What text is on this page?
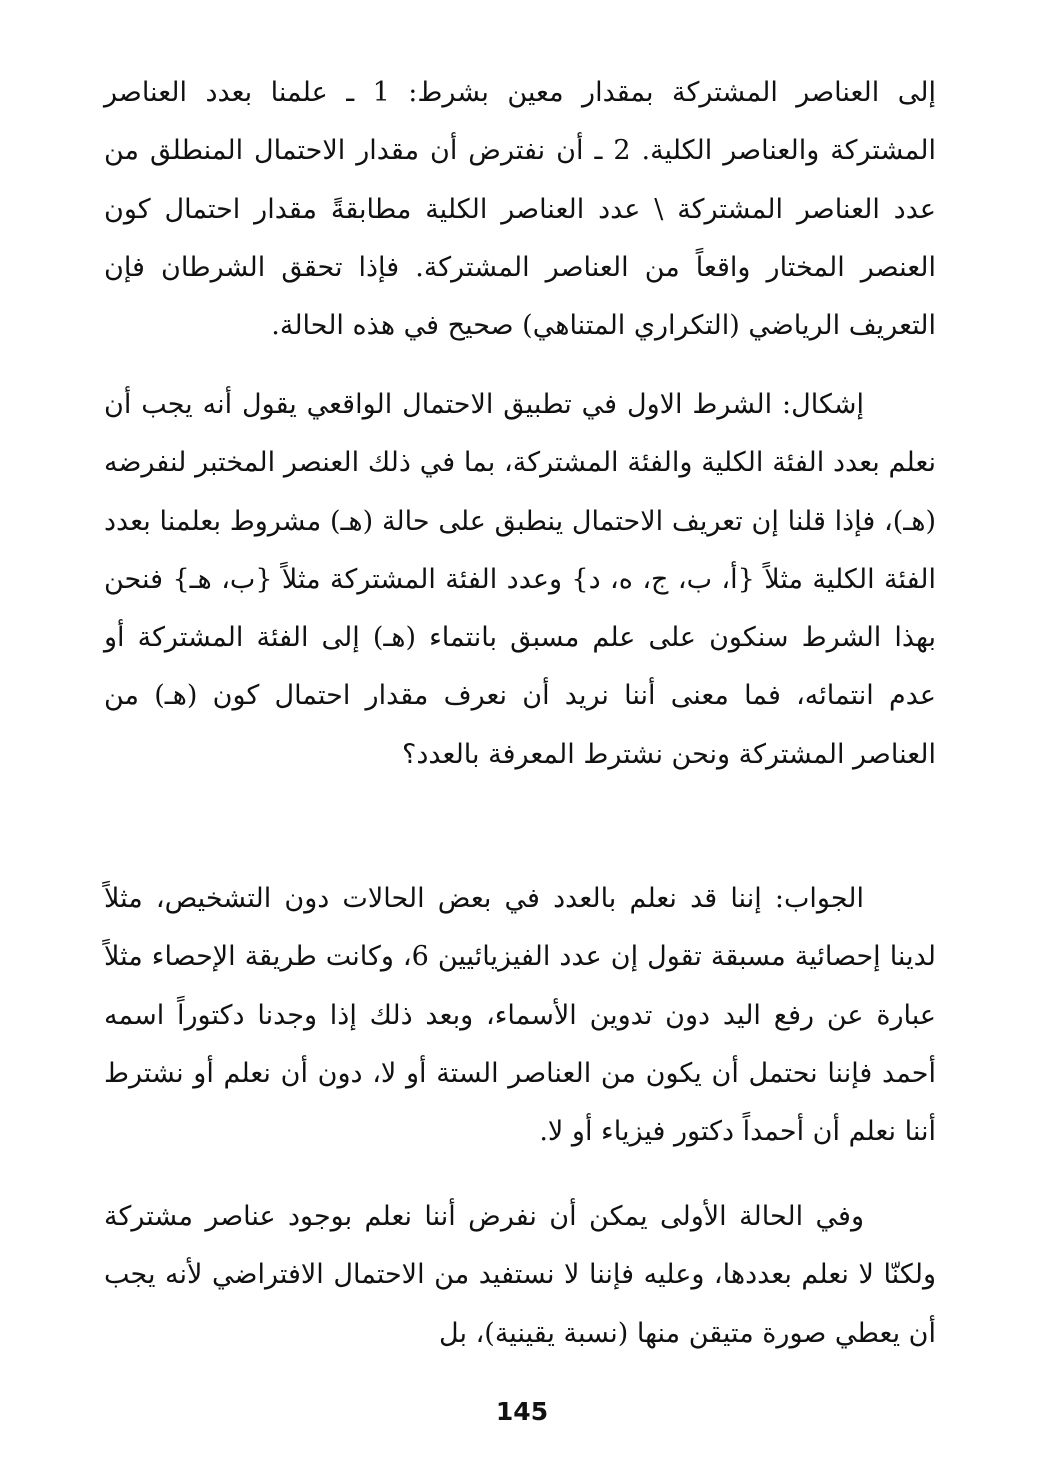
إلى العناصر المشتركة بمقدار معين بشرط: 1 ـ علمنا بعدد العناصر المشتركة والعناصر الكلية. 2 ـ أن نفترض أن مقدار الاحتمال المنطلق من عدد العناصر المشتركة \ عدد العناصر الكلية مطابقةً مقدار احتمال كون العنصر المختار واقعاً من العناصر المشتركة. فإذا تحقق الشرطان فإن التعريف الرياضي (التكراري المتناهي) صحيح في هذه الحالة.
إشكال: الشرط الاول في تطبيق الاحتمال الواقعي يقول أنه يجب أن نعلم بعدد الفئة الكلية والفئة المشتركة، بما في ذلك العنصر المختبر لنفرضه (هـ)، فإذا قلنا إن تعريف الاحتمال ينطبق على حالة (هـ) مشروط بعلمنا بعدد الفئة الكلية مثلاً {أ، ب، ج، ه، د} وعدد الفئة المشتركة مثلاً {ب، هـ} فنحن بهذا الشرط سنكون على علم مسبق بانتماء (هـ) إلى الفئة المشتركة أو عدم انتمائه، فما معنى أننا نريد أن نعرف مقدار احتمال كون (هـ) من العناصر المشتركة ونحن نشترط المعرفة بالعدد؟
الجواب: إننا قد نعلم بالعدد في بعض الحالات دون التشخيص، مثلاً لدينا إحصائية مسبقة تقول إن عدد الفيزيائيين 6، وكانت طريقة الإحصاء مثلاً عبارة عن رفع اليد دون تدوين الأسماء، وبعد ذلك إذا وجدنا دكتوراً اسمه أحمد فإننا نحتمل أن يكون من العناصر الستة أو لا، دون أن نعلم أو نشترط أننا نعلم أن أحمداً دكتور فيزياء أو لا.
وفي الحالة الأولى يمكن أن نفرض أننا نعلم بوجود عناصر مشتركة ولكنّا لا نعلم بعددها، وعليه فإننا لا نستفيد من الاحتمال الافتراضي لأنه يجب أن يعطي صورة متيقن منها (نسبة يقينية)، بل
145
